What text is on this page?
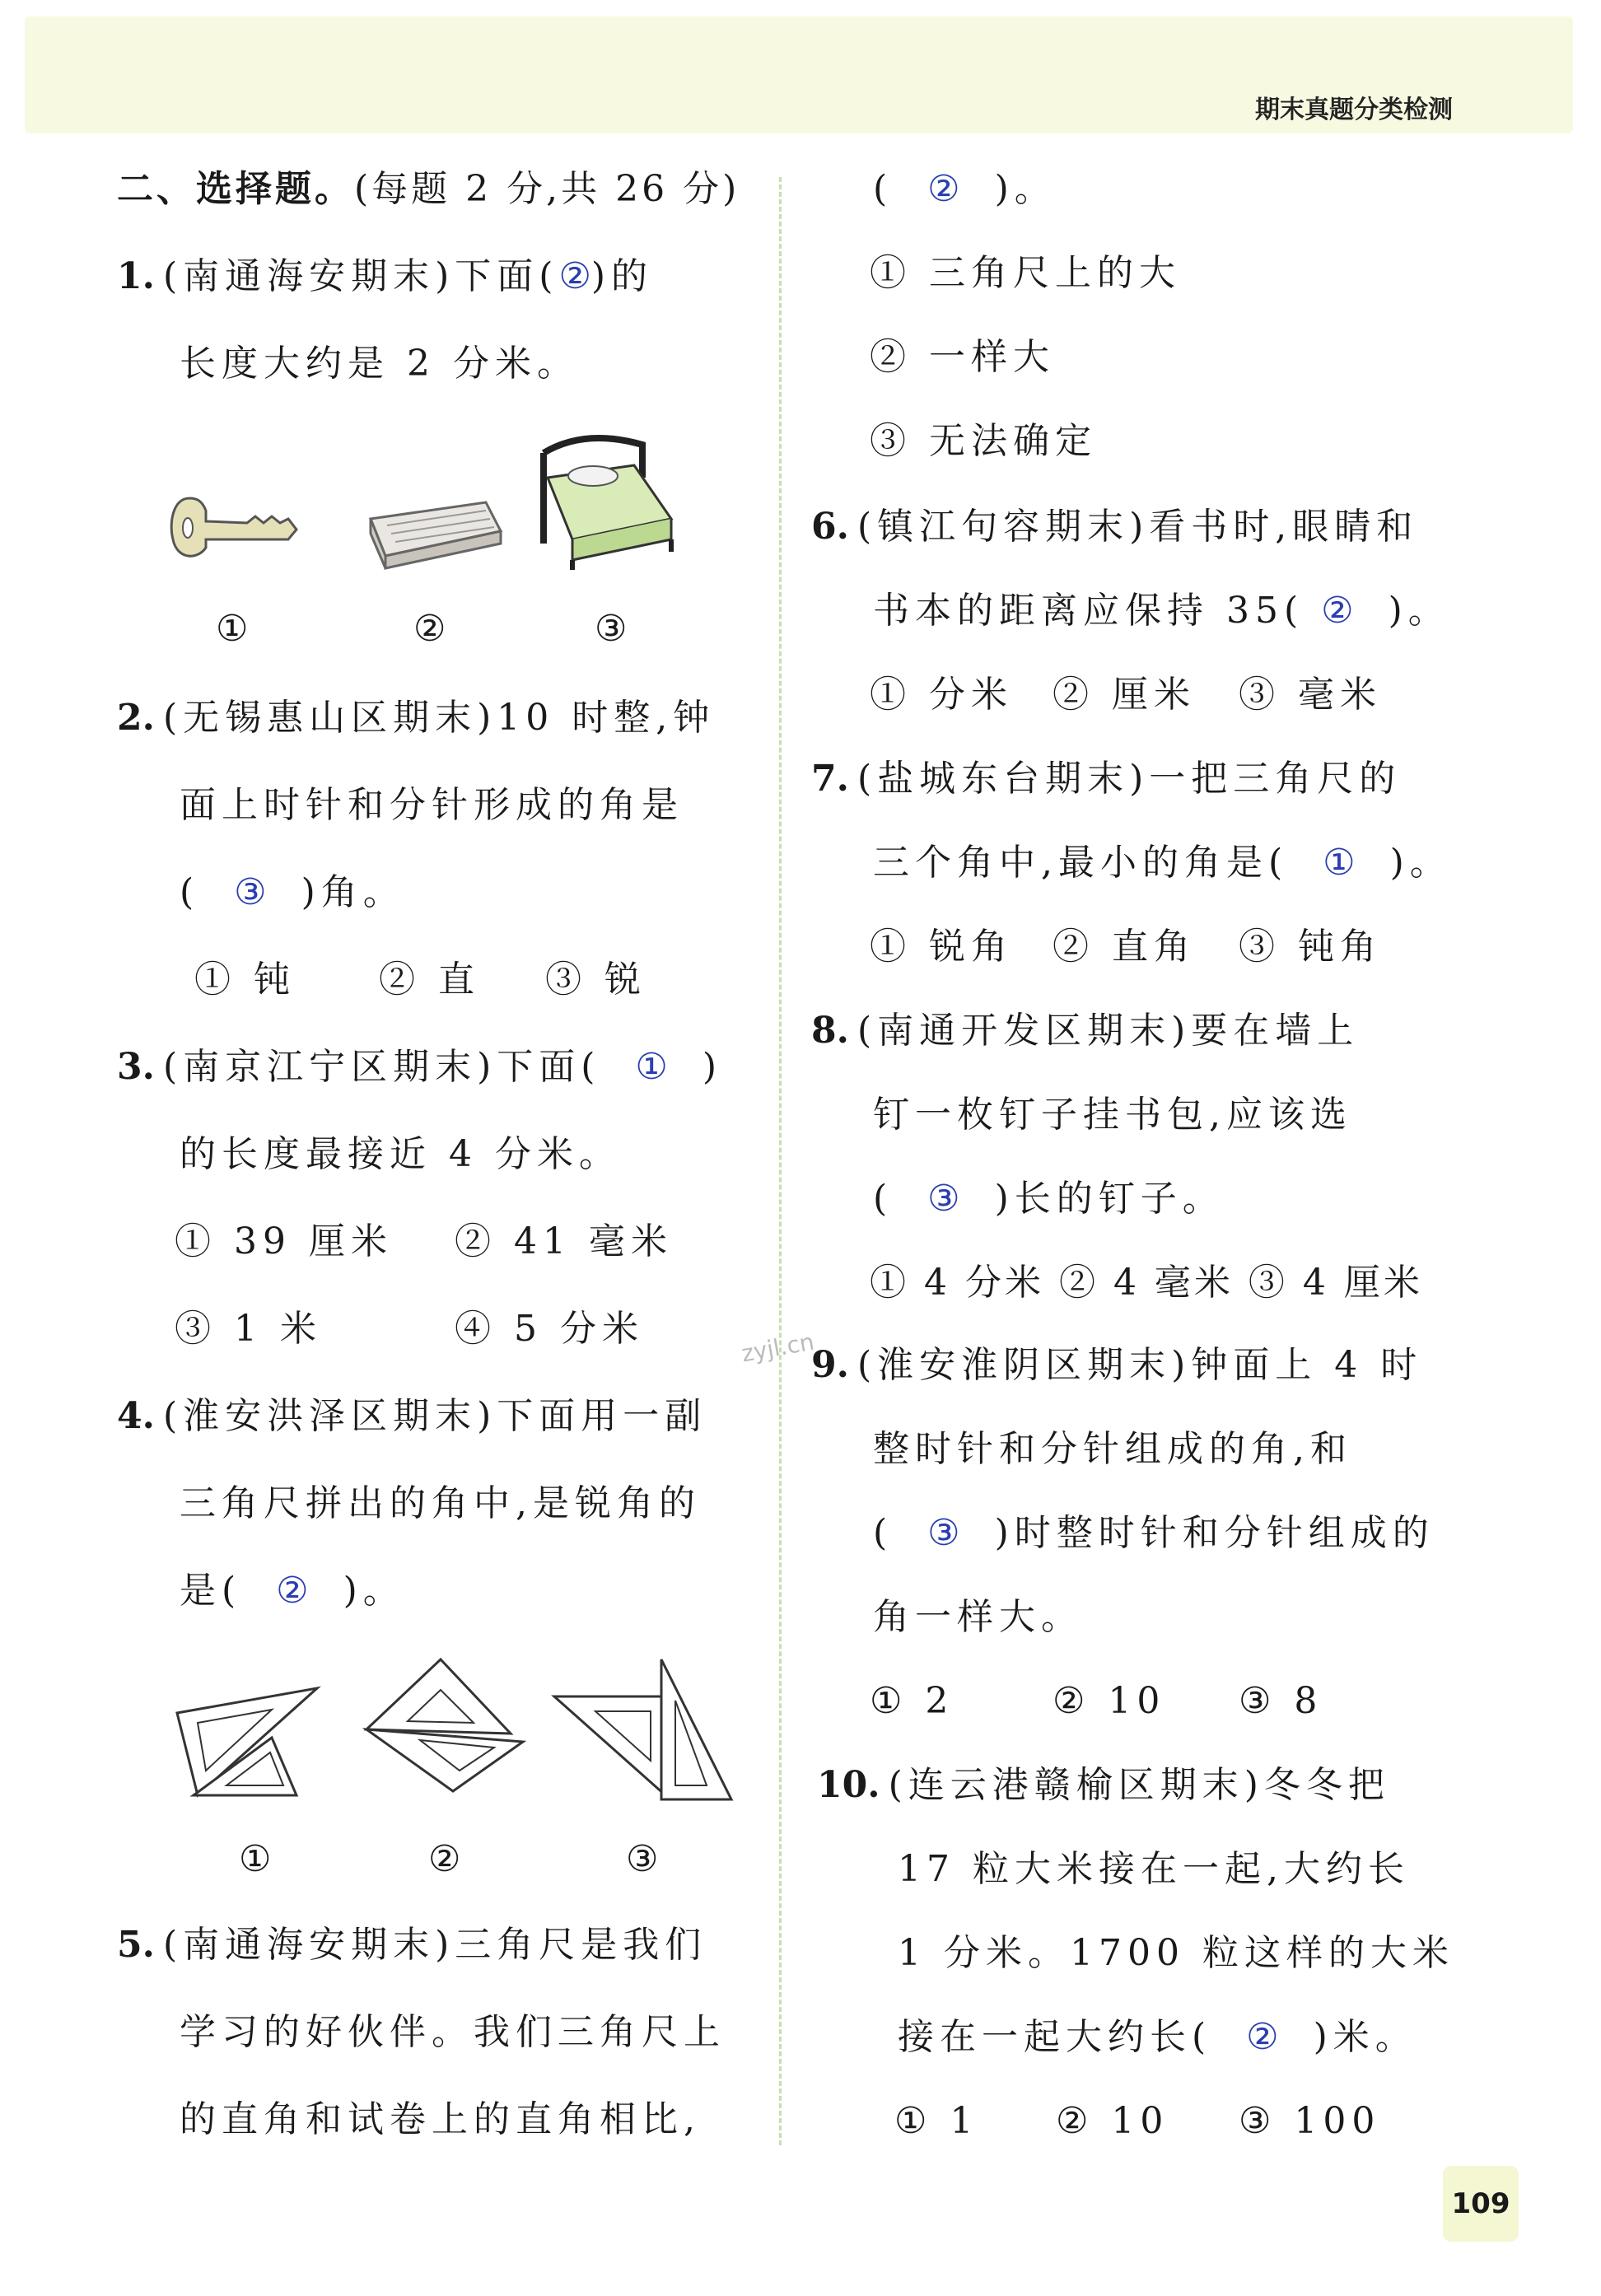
期末真题分类检测
二、选择题。(每题 2 分,共 26 分)
1. (南通海安期末)下面(②)的
长度大约是 2 分米。
①	②	③
2. (无锡惠山区期末)10 时整,钟
面上时针和分针形成的角是
( ③ )角。
① 钝 ② 直 ③ 锐
3. (南京江宁区期末)下面( ① )
的长度最接近 4 分米。
① 39 厘米 ② 41 毫米
③ 1 米	④ 5 分米
4. (淮安洪泽区期末)下面用一副
三角尺拼出的角中,是锐角的
是( ② )。
①	②	③
5. (南通海安期末)三角尺是我们
学习的好伙伴。我们三角尺上
的直角和试卷上的直角相比,
( ② )。
① 三角尺上的大
② 一样大
③ 无法确定
6. (镇江句容期末)看书时,眼睛和
书本的距离应保持 35( ② )。
① 分米 ② 厘米 ③ 毫米
7. (盐城东台期末)一把三角尺的
三个角中,最小的角是( ① )。
① 锐角 ② 直角 ③ 钝角
8. (南通开发区期末)要在墙上
钉一枚钉子挂书包,应该选
( ③ )长的钉子。
① 4 分米 ② 4 毫米 ③ 4 厘米
9. (淮安淮阴区期末)钟面上 4 时
整时针和分针组成的角,和
( ③ )时整时针和分针组成的
角一样大。
① 2	② 10 ③ 8
10. (连云港赣榆区期末)冬冬把
17 粒大米接在一起,大约长
1 分米。1700 粒这样的大米
接在一起大约长( ② )米。
① 1 ② 10 ③ 100
zyjl.cn
109
